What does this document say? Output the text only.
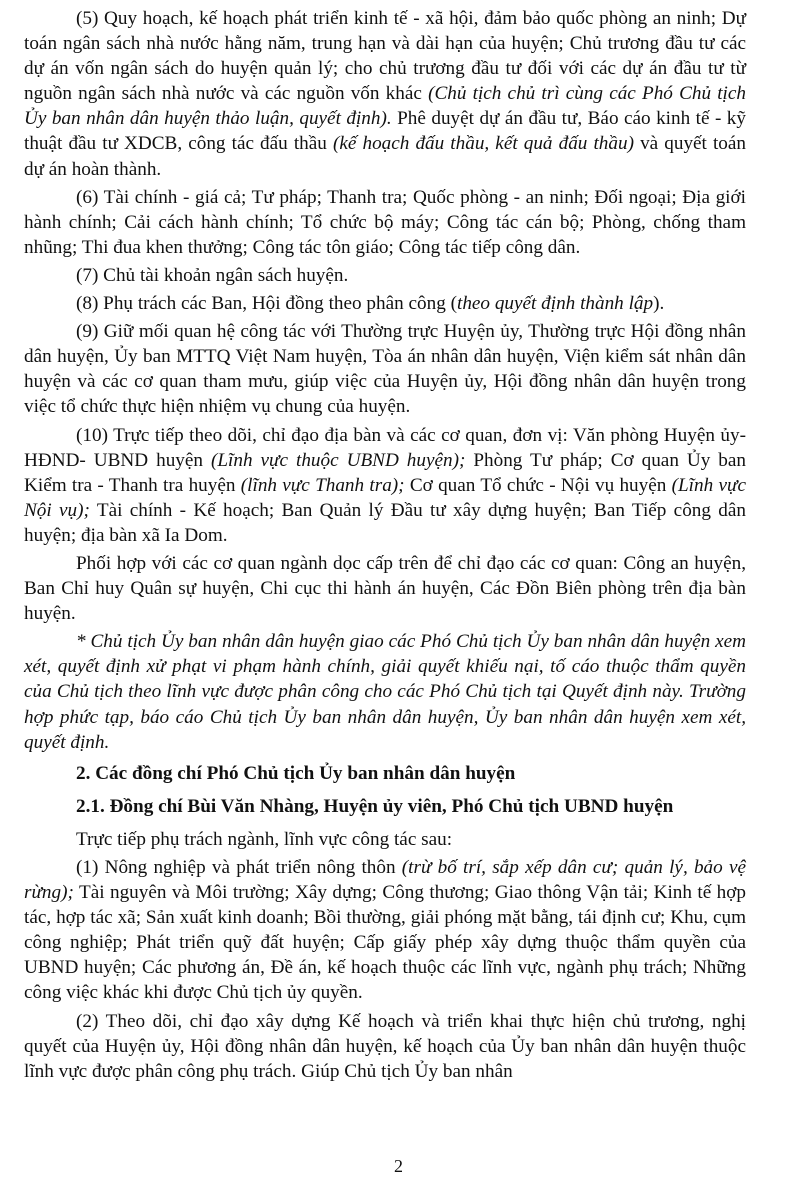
(5) Quy hoạch, kế hoạch phát triển kinh tế - xã hội, đảm bảo quốc phòng an ninh; Dự toán ngân sách nhà nước hằng năm, trung hạn và dài hạn của huyện; Chủ trương đầu tư các dự án vốn ngân sách do huyện quản lý; cho chủ trương đầu tư đối với các dự án đầu tư từ nguồn ngân sách nhà nước và các nguồn vốn khác (Chủ tịch chủ trì cùng các Phó Chủ tịch Ủy ban nhân dân huyện thảo luận, quyết định). Phê duyệt dự án đầu tư, Báo cáo kinh tế - kỹ thuật đầu tư XDCB, công tác đấu thầu (kế hoạch đấu thầu, kết quả đấu thầu) và quyết toán dự án hoàn thành.

(6) Tài chính - giá cả; Tư pháp; Thanh tra; Quốc phòng - an ninh; Đối ngoại; Địa giới hành chính; Cải cách hành chính; Tổ chức bộ máy; Công tác cán bộ; Phòng, chống tham nhũng; Thi đua khen thưởng; Công tác tôn giáo; Công tác tiếp công dân.

(7) Chủ tài khoản ngân sách huyện.

(8) Phụ trách các Ban, Hội đồng theo phân công (theo quyết định thành lập).

(9) Giữ mối quan hệ công tác với Thường trực Huyện ủy, Thường trực Hội đồng nhân dân huyện, Ủy ban MTTQ Việt Nam huyện, Tòa án nhân dân huyện, Viện kiểm sát nhân dân huyện và các cơ quan tham mưu, giúp việc của Huyện ủy, Hội đồng nhân dân huyện trong việc tổ chức thực hiện nhiệm vụ chung của huyện.

(10) Trực tiếp theo dõi, chỉ đạo địa bàn và các cơ quan, đơn vị: Văn phòng Huyện ủy- HĐND- UBND huyện (Lĩnh vực thuộc UBND huyện); Phòng Tư pháp; Cơ quan Ủy ban Kiểm tra - Thanh tra huyện (lĩnh vực Thanh tra); Cơ quan Tổ chức - Nội vụ huyện (Lĩnh vực Nội vụ); Tài chính - Kế hoạch; Ban Quản lý Đầu tư xây dựng huyện; Ban Tiếp công dân huyện; địa bàn xã Ia Dom.

Phối hợp với các cơ quan ngành dọc cấp trên để chỉ đạo các cơ quan: Công an huyện, Ban Chỉ huy Quân sự huyện, Chi cục thi hành án huyện, Các Đồn Biên phòng trên địa bàn huyện.

* Chủ tịch Ủy ban nhân dân huyện giao các Phó Chủ tịch Ủy ban nhân dân huyện xem xét, quyết định xử phạt vi phạm hành chính, giải quyết khiếu nại, tố cáo thuộc thẩm quyền của Chủ tịch theo lĩnh vực được phân công cho các Phó Chủ tịch tại Quyết định này. Trường hợp phức tạp, báo cáo Chủ tịch Ủy ban nhân dân huyện, Ủy ban nhân dân huyện xem xét, quyết định.

2. Các đồng chí Phó Chủ tịch Ủy ban nhân dân huyện

2.1. Đồng chí Bùi Văn Nhàng, Huyện ủy viên, Phó Chủ tịch UBND huyện

Trực tiếp phụ trách ngành, lĩnh vực công tác sau:

(1) Nông nghiệp và phát triển nông thôn (trừ bố trí, sắp xếp dân cư; quản lý, bảo vệ rừng); Tài nguyên và Môi trường; Xây dựng; Công thương; Giao thông Vận tải; Kinh tế hợp tác, hợp tác xã; Sản xuất kinh doanh; Bồi thường, giải phóng mặt bằng, tái định cư; Khu, cụm công nghiệp; Phát triển quỹ đất huyện; Cấp giấy phép xây dựng thuộc thẩm quyền của UBND huyện; Các phương án, Đề án, kế hoạch thuộc các lĩnh vực, ngành phụ trách; Những công việc khác khi được Chủ tịch ủy quyền.

(2) Theo dõi, chỉ đạo xây dựng Kế hoạch và triển khai thực hiện chủ trương, nghị quyết của Huyện ủy, Hội đồng nhân dân huyện, kế hoạch của Ủy ban nhân dân huyện thuộc lĩnh vực được phân công phụ trách. Giúp Chủ tịch Ủy ban nhân

2
